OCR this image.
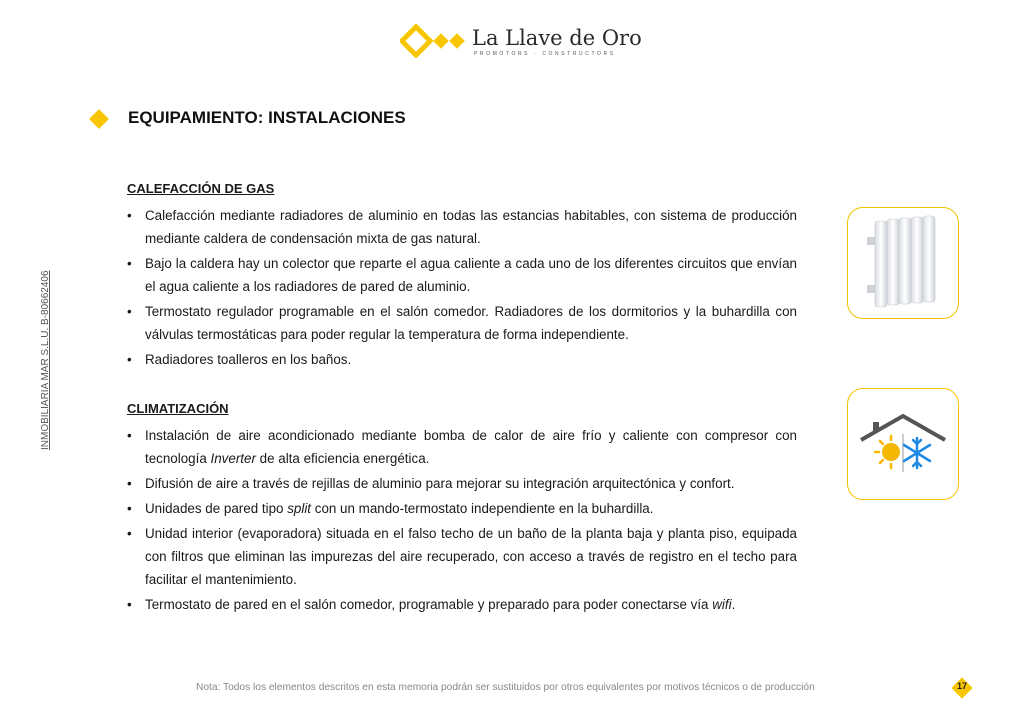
La Llave de Oro
PROMOTORS · CONSTRUCTORS
INMOBILIARIA MAR S.L.U. B-80662406
EQUIPAMIENTO: INSTALACIONES
CALEFACCIÓN DE GAS
• Calefacción mediante radiadores de aluminio en todas las estancias habitables, con sistema de producción mediante caldera de condensación mixta de gas natural.
• Bajo la caldera hay un colector que reparte el agua caliente a cada uno de los diferentes circuitos que envían el agua caliente a los radiadores de pared de aluminio.
• Termostato regulador programable en el salón comedor. Radiadores de los dormitorios y la buhardilla con válvulas termostáticas para poder regular la temperatura de forma independiente.
• Radiadores toalleros en los baños.
CLIMATIZACIÓN
• Instalación de aire acondicionado mediante bomba de calor de aire frío y caliente con compresor con tecnología Inverter de alta eficiencia energética.
• Difusión de aire a través de rejillas de aluminio para mejorar su integración arquitectónica y confort.
• Unidades de pared tipo split con un mando-termostato independiente en la buhardilla.
• Unidad interior (evaporadora) situada en el falso techo de un baño de la planta baja y planta piso, equipada con filtros que eliminan las impurezas del aire recuperado, con acceso a través de registro en el techo para facilitar el mantenimiento.
• Termostato de pared en el salón comedor, programable y preparado para poder conectarse vía wifi.
Nota: Todos los elementos descritos en esta memoria podrán ser sustituidos por otros equivalentes por motivos técnicos o de producción	17
